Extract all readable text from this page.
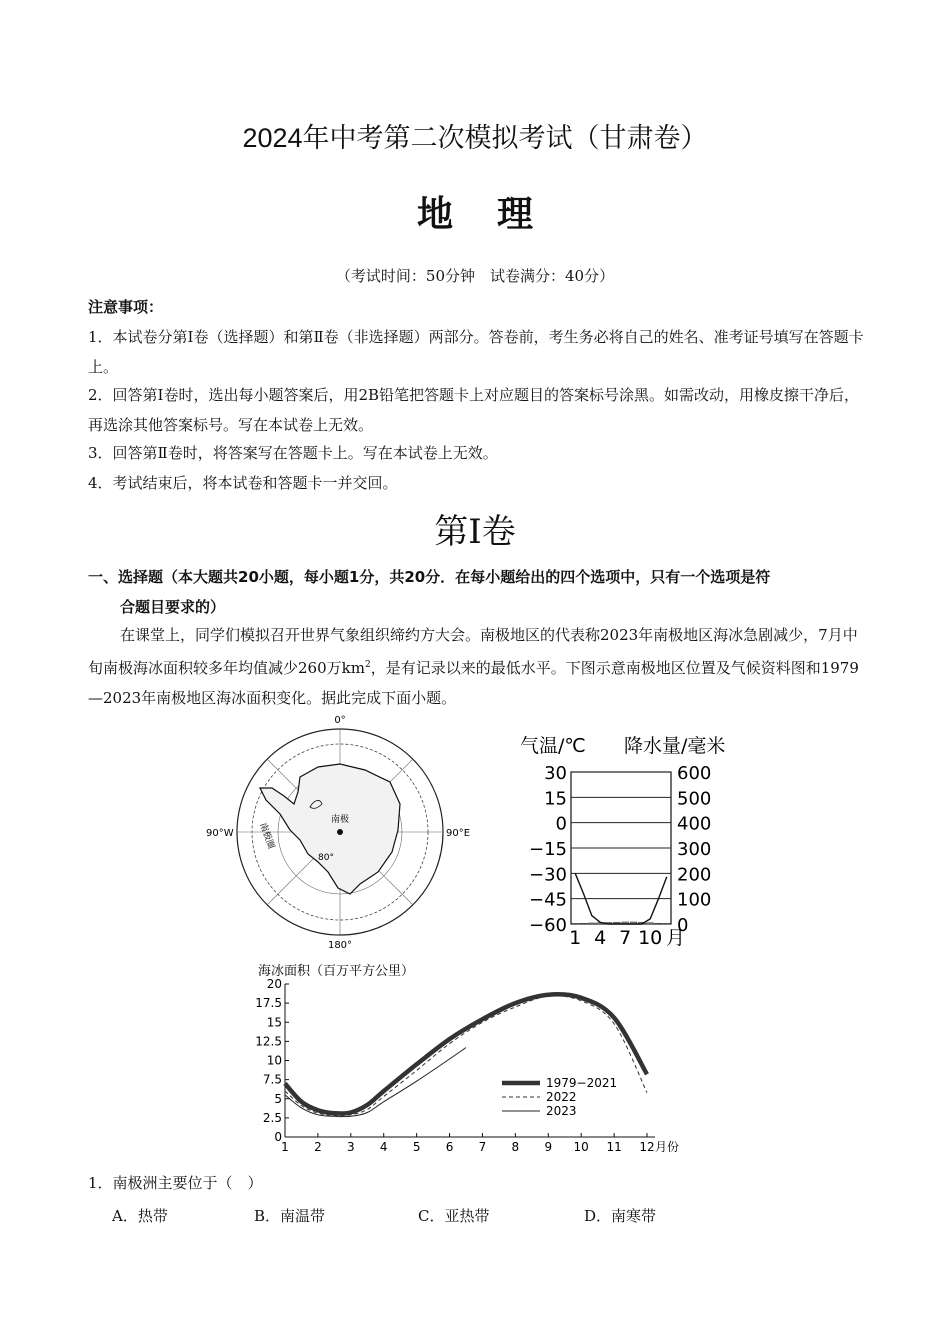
2024年中考第二次模拟考试（甘肃卷）
地理
（考试时间：50分钟　试卷满分：40分）
注意事项：
1．本试卷分第Ⅰ卷（选择题）和第Ⅱ卷（非选择题）两部分。答卷前，考生务必将自己的姓名、准考证号填写在答题卡上。
2．回答第Ⅰ卷时，选出每小题答案后，用2B铅笔把答题卡上对应题目的答案标号涂黑。如需改动，用橡皮擦干净后，再选涂其他答案标号。写在本试卷上无效。
3．回答第Ⅱ卷时，将答案写在答题卡上。写在本试卷上无效。
4．考试结束后，将本试卷和答题卡一并交回。
第Ⅰ卷
一、选择题（本大题共20小题，每小题1分，共20分．在每小题给出的四个选项中，只有一个选项是符
合题目要求的）
在课堂上，同学们模拟召开世界气象组织缔约方大会。南极地区的代表称2023年南极地区海冰急剧减少，7月中旬南极海冰面积较多年均值减少260万$km^2$，是有记录以来的最低水平。下图示意南极地区位置及气候资料图和1979—2023年南极地区海冰面积变化。据此完成下面小题。
0°
南极
90°W	90°E
180°
80°
南极圈
气温/℃ 降水量/毫米
30
15
0
−15
−30
−45
−60
600
500
400
300
200
100
0
1 4 7 10 月
海冰面积（百万平方公里）
0
2.5
5
7.5
10
12.5
15
17.5
20
1 2 3 4 5 6 7 8 9 10 11 12 月份
1979−2021
2022
2023
1．南极洲主要位于（　）
A．热带	B．南温带	C．亚热带	D．南寒带
